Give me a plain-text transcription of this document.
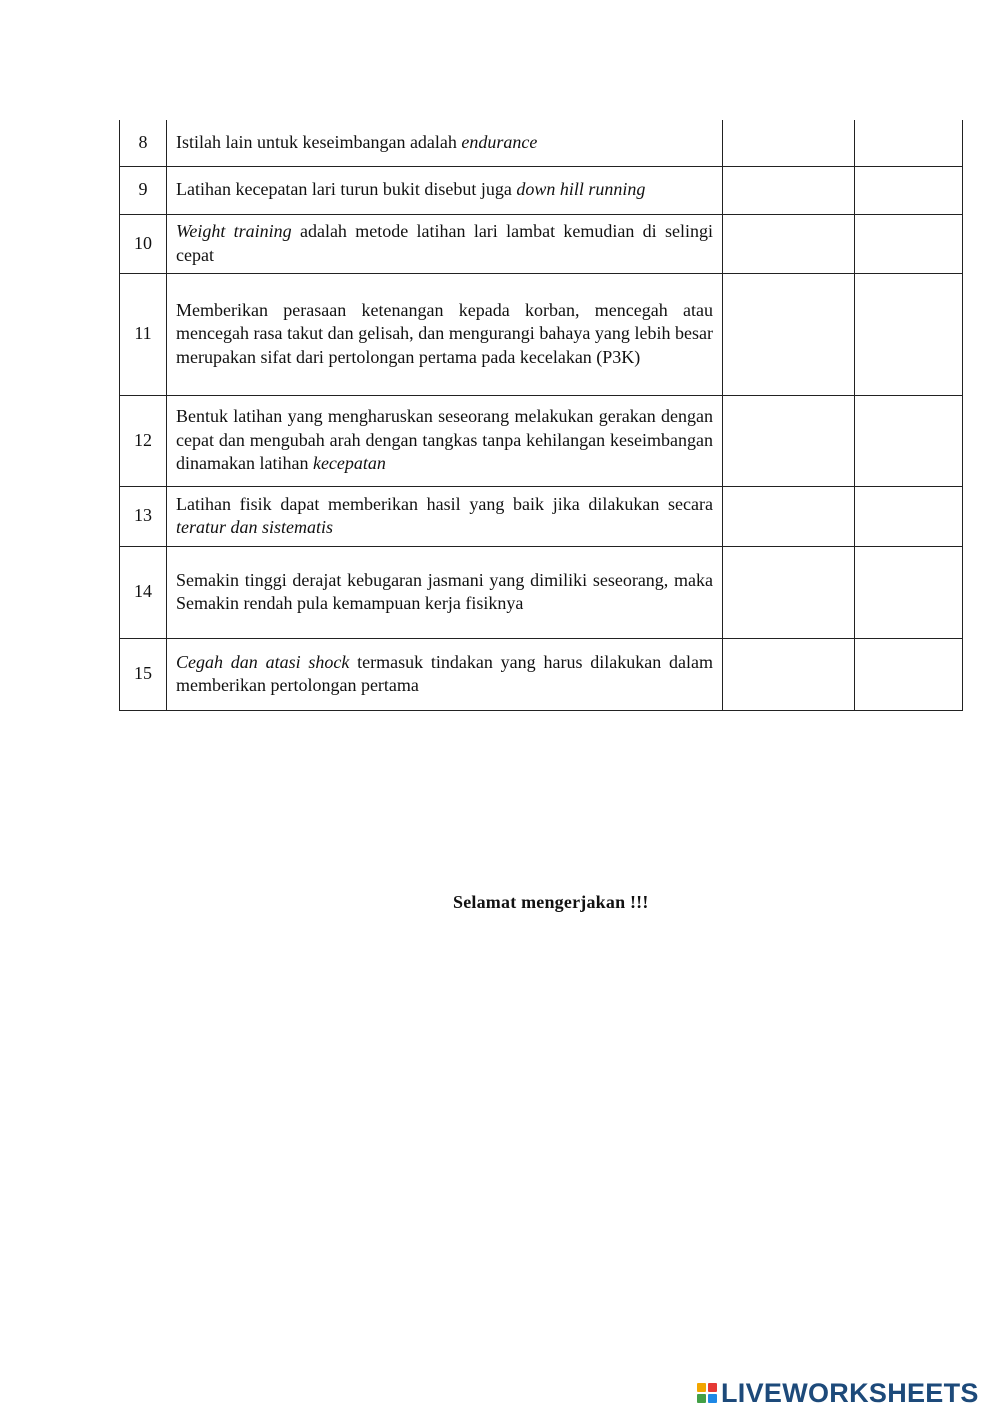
8	Istilah lain untuk keseimbangan adalah endurance		
9	Latihan kecepatan lari turun bukit disebut juga down hill running		
10	Weight training adalah metode latihan lari lambat kemudian di selingi cepat		
11	Memberikan perasaan ketenangan kepada korban, mencegah atau mencegah rasa takut dan gelisah, dan mengurangi bahaya yang lebih besar merupakan sifat dari pertolongan pertama pada kecelakan (P3K)		
12	Bentuk latihan yang mengharuskan seseorang melakukan gerakan dengan cepat dan mengubah arah dengan tangkas tanpa kehilangan keseimbangan dinamakan latihan kecepatan		
13	Latihan fisik dapat memberikan hasil yang baik jika dilakukan secara teratur dan sistematis		
14	Semakin tinggi derajat kebugaran jasmani yang dimiliki seseorang, maka Semakin rendah pula kemampuan kerja fisiknya		
15	Cegah dan atasi shock termasuk tindakan yang harus dilakukan dalam memberikan pertolongan pertama		
Selamat mengerjakan !!!
LIVEWORKSHEETS
